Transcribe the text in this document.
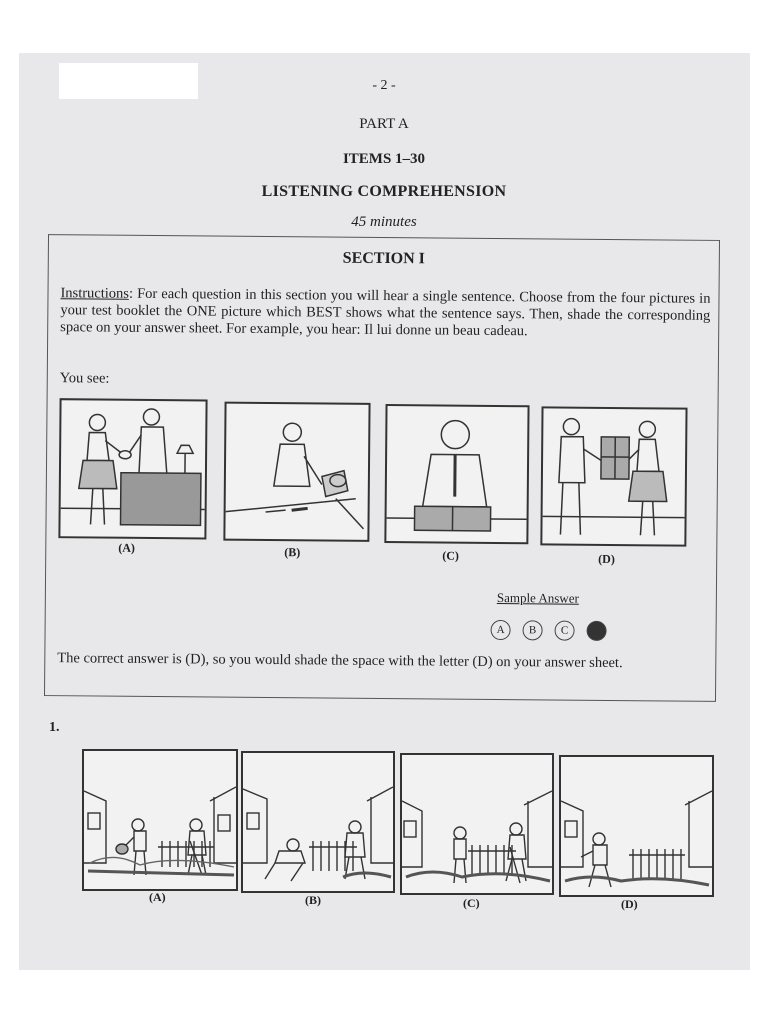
- 2 -
PART A
ITEMS 1–30
LISTENING COMPREHENSION
45 minutes
SECTION I
Instructions: For each question in this section you will hear a single sentence. Choose from the four pictures in your test booklet the ONE picture which BEST shows what the sentence says. Then, shade the corresponding space on your answer sheet. For example, you hear: Il lui donne un beau cadeau.
You see:
(A)	(B)	(C)	(D)
Sample Answer
A	B	C	D
The correct answer is (D), so you would shade the space with the letter (D) on your answer sheet.
1.
(A)	(B)	(C)	(D)
